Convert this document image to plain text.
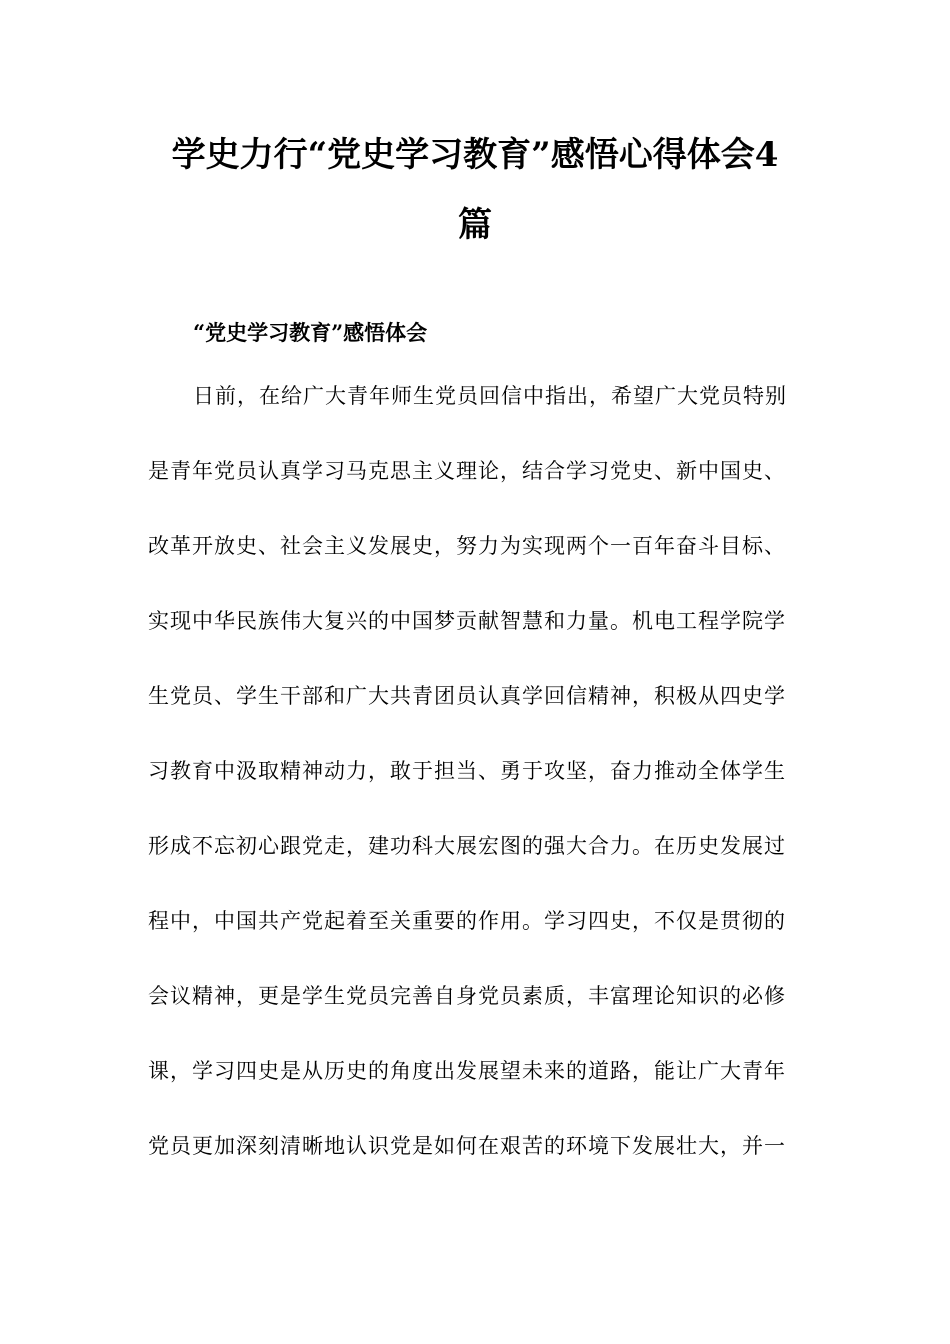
学史力行“党史学习教育”感悟心得体会4
篇
“党史学习教育”感悟体会
日前，在给广大青年师生党员回信中指出，希望广大党员特别
是青年党员认真学习马克思主义理论，结合学习党史、新中国史、
改革开放史、社会主义发展史，努力为实现两个一百年奋斗目标、
实现中华民族伟大复兴的中国梦贡献智慧和力量。机电工程学院学
生党员、学生干部和广大共青团员认真学回信精神，积极从四史学
习教育中汲取精神动力，敢于担当、勇于攻坚，奋力推动全体学生
形成不忘初心跟党走，建功科大展宏图的强大合力。在历史发展过
程中，中国共产党起着至关重要的作用。学习四史，不仅是贯彻的
会议精神，更是学生党员完善自身党员素质，丰富理论知识的必修
课，学习四史是从历史的角度出发展望未来的道路，能让广大青年
党员更加深刻清晰地认识党是如何在艰苦的环境下发展壮大，并一
